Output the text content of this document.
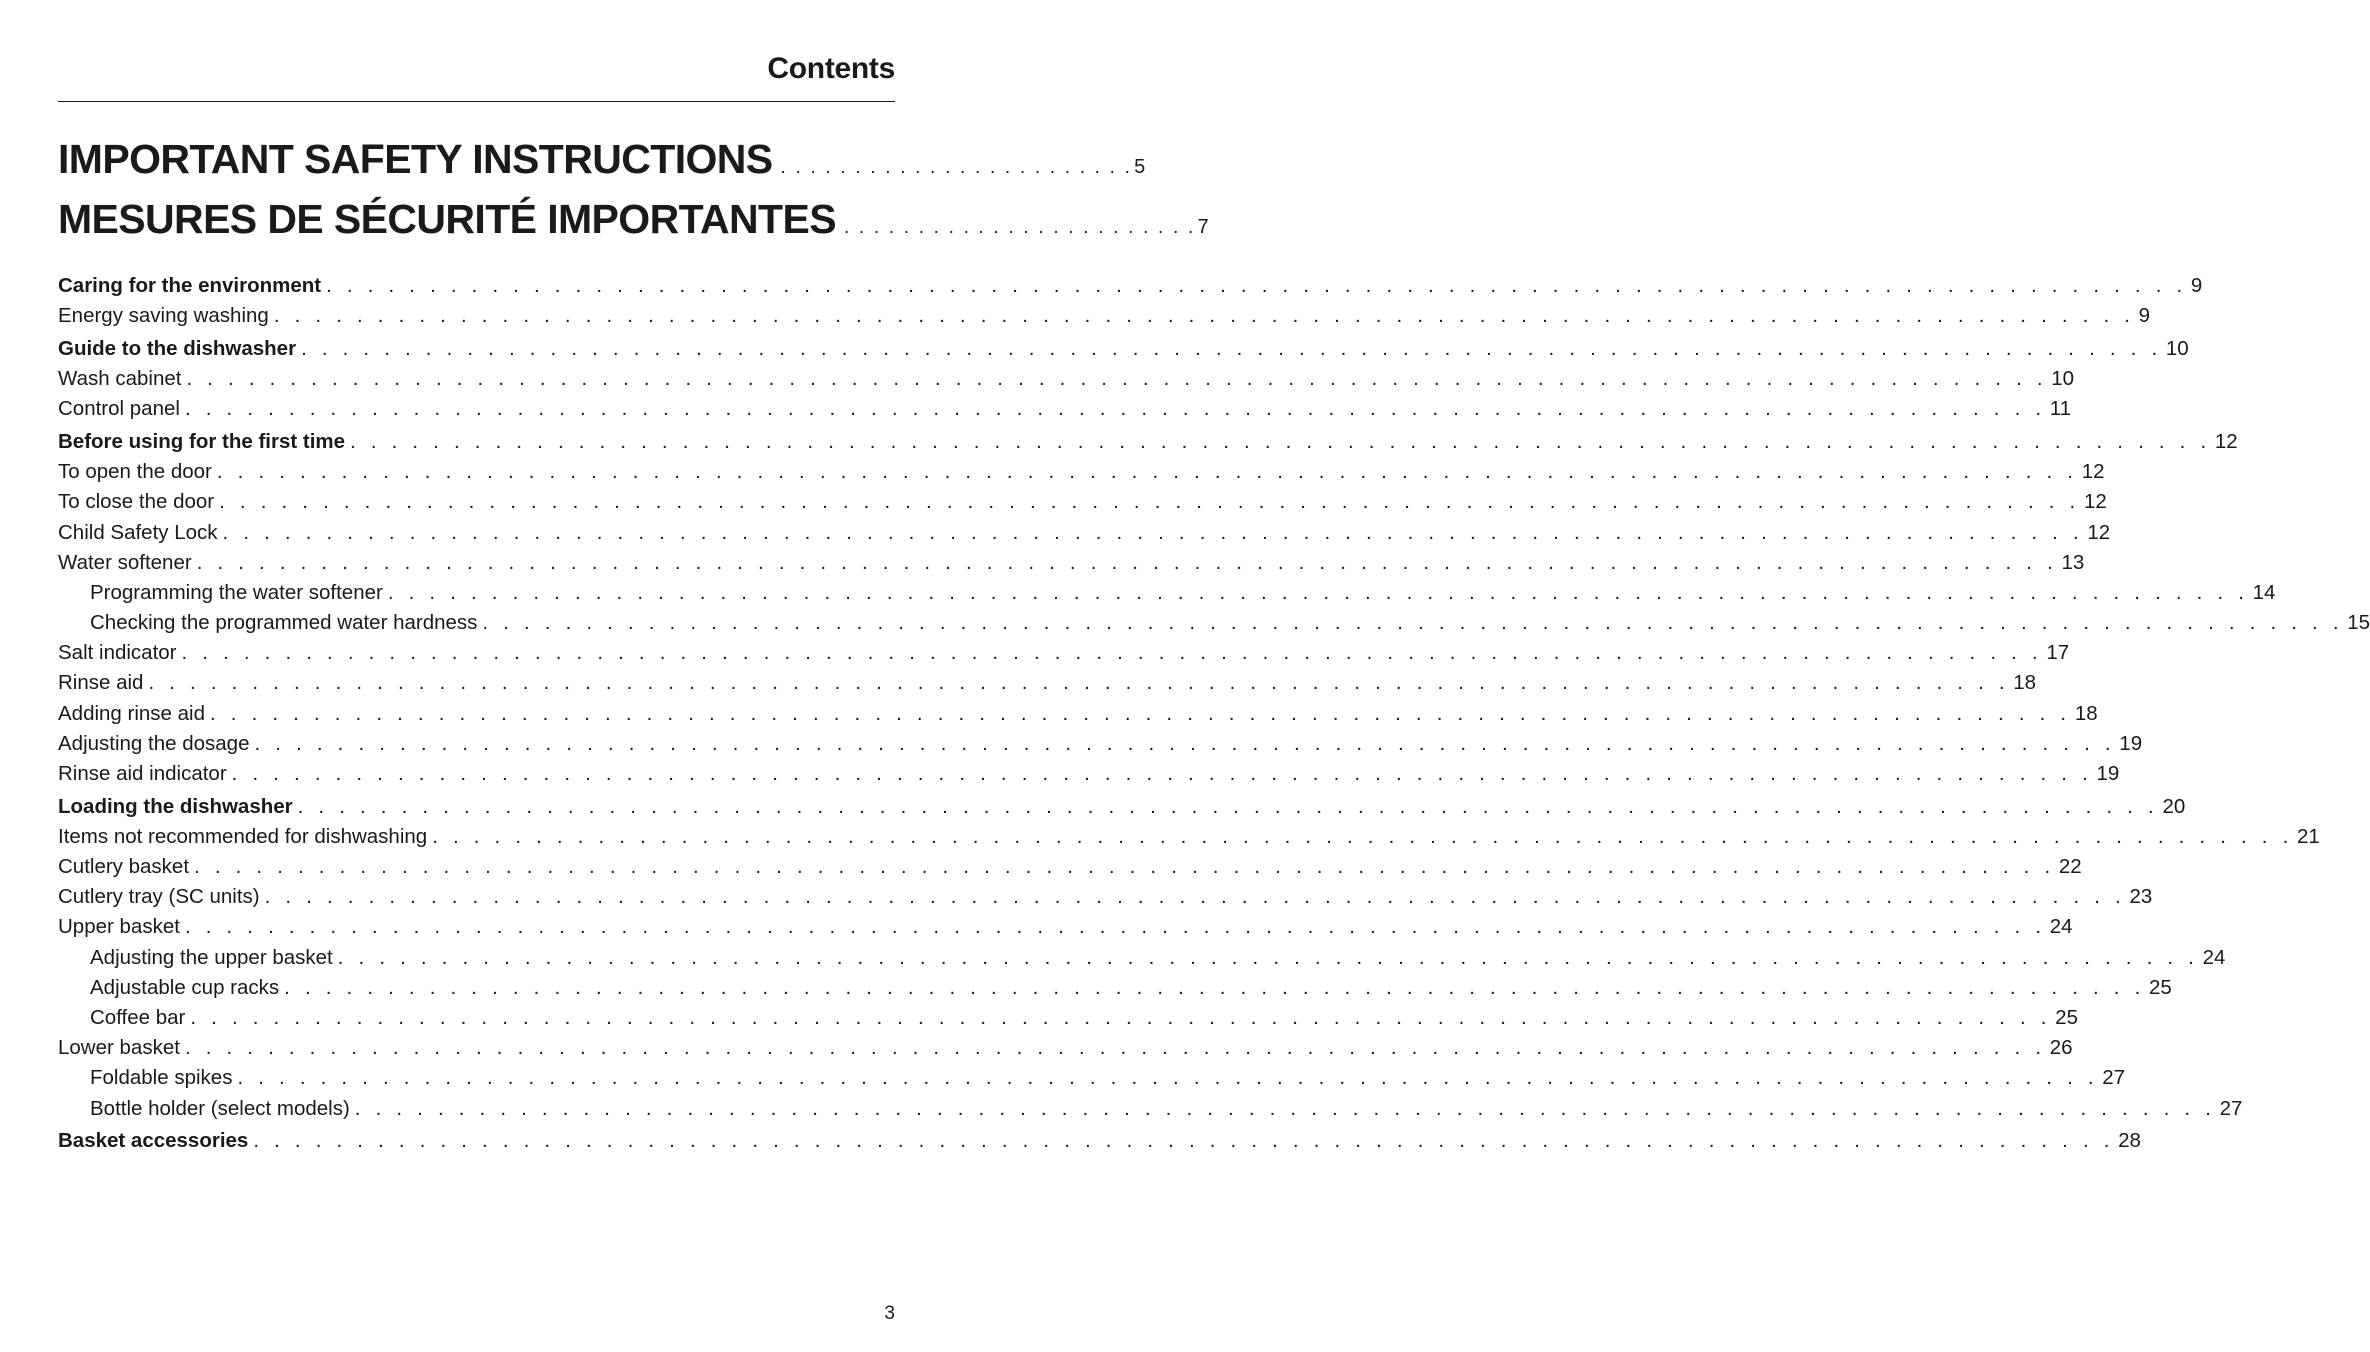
Contents
IMPORTANT SAFETY INSTRUCTIONS . . . . . . . . . . . . . . . . . . . . . . . . 5
MESURES DE SÉCURITÉ IMPORTANTES . . . . . . . . . . . . . . . . . . . . . . . . 7
Caring for the environment . . . . . . . . . . . . . . . . . . . . . . . . . . . . . . . . . . . . . . . . . . . . . . . . . . . . . . . . . . . . . . . . . . . . . . . . . . . . . . . . . . . . . . . . . . 9
Energy saving washing . . . . . . . . . . . . . . . . . . . . . . . . . . . . . . . . . . . . . . . . . . . . . . . . . . . . . . . . . . . . . . . . . . . . . . . . . . . . . . . . . . . . . . . . . . 9
Guide to the dishwasher . . . . . . . . . . . . . . . . . . . . . . . . . . . . . . . . . . . . . . . . . . . . . . . . . . . . . . . . . . . . . . . . . . . . . . . . . . . . . . . . . . . . . . . . . . 10
Wash cabinet . . . . . . . . . . . . . . . . . . . . . . . . . . . . . . . . . . . . . . . . . . . . . . . . . . . . . . . . . . . . . . . . . . . . . . . . . . . . . . . . . . . . . . . . . . 10
Control panel . . . . . . . . . . . . . . . . . . . . . . . . . . . . . . . . . . . . . . . . . . . . . . . . . . . . . . . . . . . . . . . . . . . . . . . . . . . . . . . . . . . . . . . . . . 11
Before using for the first time . . . . . . . . . . . . . . . . . . . . . . . . . . . . . . . . . . . . . . . . . . . . . . . . . . . . . . . . . . . . . . . . . . . . . . . . . . . . . . . . . . . . . . . . . . 12
To open the door . . . . . . . . . . . . . . . . . . . . . . . . . . . . . . . . . . . . . . . . . . . . . . . . . . . . . . . . . . . . . . . . . . . . . . . . . . . . . . . . . . . . . . . . . . 12
To close the door . . . . . . . . . . . . . . . . . . . . . . . . . . . . . . . . . . . . . . . . . . . . . . . . . . . . . . . . . . . . . . . . . . . . . . . . . . . . . . . . . . . . . . . . . . 12
Child Safety Lock . . . . . . . . . . . . . . . . . . . . . . . . . . . . . . . . . . . . . . . . . . . . . . . . . . . . . . . . . . . . . . . . . . . . . . . . . . . . . . . . . . . . . . . . . . 12
Water softener . . . . . . . . . . . . . . . . . . . . . . . . . . . . . . . . . . . . . . . . . . . . . . . . . . . . . . . . . . . . . . . . . . . . . . . . . . . . . . . . . . . . . . . . . . 13
Programming the water softener . . . . . . . . . . . . . . . . . . . . . . . . . . . . . . . . . . . . . . . . . . . . . . . . . . . . . . . . . . . . . . . . . . . . . . . . . . . . . . . . . . . . . . . . . . 14
Checking the programmed water hardness . . . . . . . . . . . . . . . . . . . . . . . . . . . . . . . . . . . . . . . . . . . . . . . . . . . . . . . . . . . . . . . . . . . . . . . . . . . . . . . . . . . . . . . . . . 15
Salt indicator . . . . . . . . . . . . . . . . . . . . . . . . . . . . . . . . . . . . . . . . . . . . . . . . . . . . . . . . . . . . . . . . . . . . . . . . . . . . . . . . . . . . . . . . . . 17
Rinse aid . . . . . . . . . . . . . . . . . . . . . . . . . . . . . . . . . . . . . . . . . . . . . . . . . . . . . . . . . . . . . . . . . . . . . . . . . . . . . . . . . . . . . . . . . . 18
Adding rinse aid . . . . . . . . . . . . . . . . . . . . . . . . . . . . . . . . . . . . . . . . . . . . . . . . . . . . . . . . . . . . . . . . . . . . . . . . . . . . . . . . . . . . . . . . . . 18
Adjusting the dosage . . . . . . . . . . . . . . . . . . . . . . . . . . . . . . . . . . . . . . . . . . . . . . . . . . . . . . . . . . . . . . . . . . . . . . . . . . . . . . . . . . . . . . . . . . 19
Rinse aid indicator . . . . . . . . . . . . . . . . . . . . . . . . . . . . . . . . . . . . . . . . . . . . . . . . . . . . . . . . . . . . . . . . . . . . . . . . . . . . . . . . . . . . . . . . . . 19
Loading the dishwasher . . . . . . . . . . . . . . . . . . . . . . . . . . . . . . . . . . . . . . . . . . . . . . . . . . . . . . . . . . . . . . . . . . . . . . . . . . . . . . . . . . . . . . . . . . 20
Items not recommended for dishwashing . . . . . . . . . . . . . . . . . . . . . . . . . . . . . . . . . . . . . . . . . . . . . . . . . . . . . . . . . . . . . . . . . . . . . . . . . . . . . . . . . . . . . . . . . . 21
Cutlery basket . . . . . . . . . . . . . . . . . . . . . . . . . . . . . . . . . . . . . . . . . . . . . . . . . . . . . . . . . . . . . . . . . . . . . . . . . . . . . . . . . . . . . . . . . . 22
Cutlery tray (SC units) . . . . . . . . . . . . . . . . . . . . . . . . . . . . . . . . . . . . . . . . . . . . . . . . . . . . . . . . . . . . . . . . . . . . . . . . . . . . . . . . . . . . . . . . . . 23
Upper basket . . . . . . . . . . . . . . . . . . . . . . . . . . . . . . . . . . . . . . . . . . . . . . . . . . . . . . . . . . . . . . . . . . . . . . . . . . . . . . . . . . . . . . . . . . 24
Adjusting the upper basket . . . . . . . . . . . . . . . . . . . . . . . . . . . . . . . . . . . . . . . . . . . . . . . . . . . . . . . . . . . . . . . . . . . . . . . . . . . . . . . . . . . . . . . . . . 24
Adjustable cup racks . . . . . . . . . . . . . . . . . . . . . . . . . . . . . . . . . . . . . . . . . . . . . . . . . . . . . . . . . . . . . . . . . . . . . . . . . . . . . . . . . . . . . . . . . . 25
Coffee bar . . . . . . . . . . . . . . . . . . . . . . . . . . . . . . . . . . . . . . . . . . . . . . . . . . . . . . . . . . . . . . . . . . . . . . . . . . . . . . . . . . . . . . . . . . 25
Lower basket . . . . . . . . . . . . . . . . . . . . . . . . . . . . . . . . . . . . . . . . . . . . . . . . . . . . . . . . . . . . . . . . . . . . . . . . . . . . . . . . . . . . . . . . . . 26
Foldable spikes . . . . . . . . . . . . . . . . . . . . . . . . . . . . . . . . . . . . . . . . . . . . . . . . . . . . . . . . . . . . . . . . . . . . . . . . . . . . . . . . . . . . . . . . . . 27
Bottle holder (select models) . . . . . . . . . . . . . . . . . . . . . . . . . . . . . . . . . . . . . . . . . . . . . . . . . . . . . . . . . . . . . . . . . . . . . . . . . . . . . . . . . . . . . . . . . . 27
Basket accessories . . . . . . . . . . . . . . . . . . . . . . . . . . . . . . . . . . . . . . . . . . . . . . . . . . . . . . . . . . . . . . . . . . . . . . . . . . . . . . . . . . . . . . . . . . 28
3
